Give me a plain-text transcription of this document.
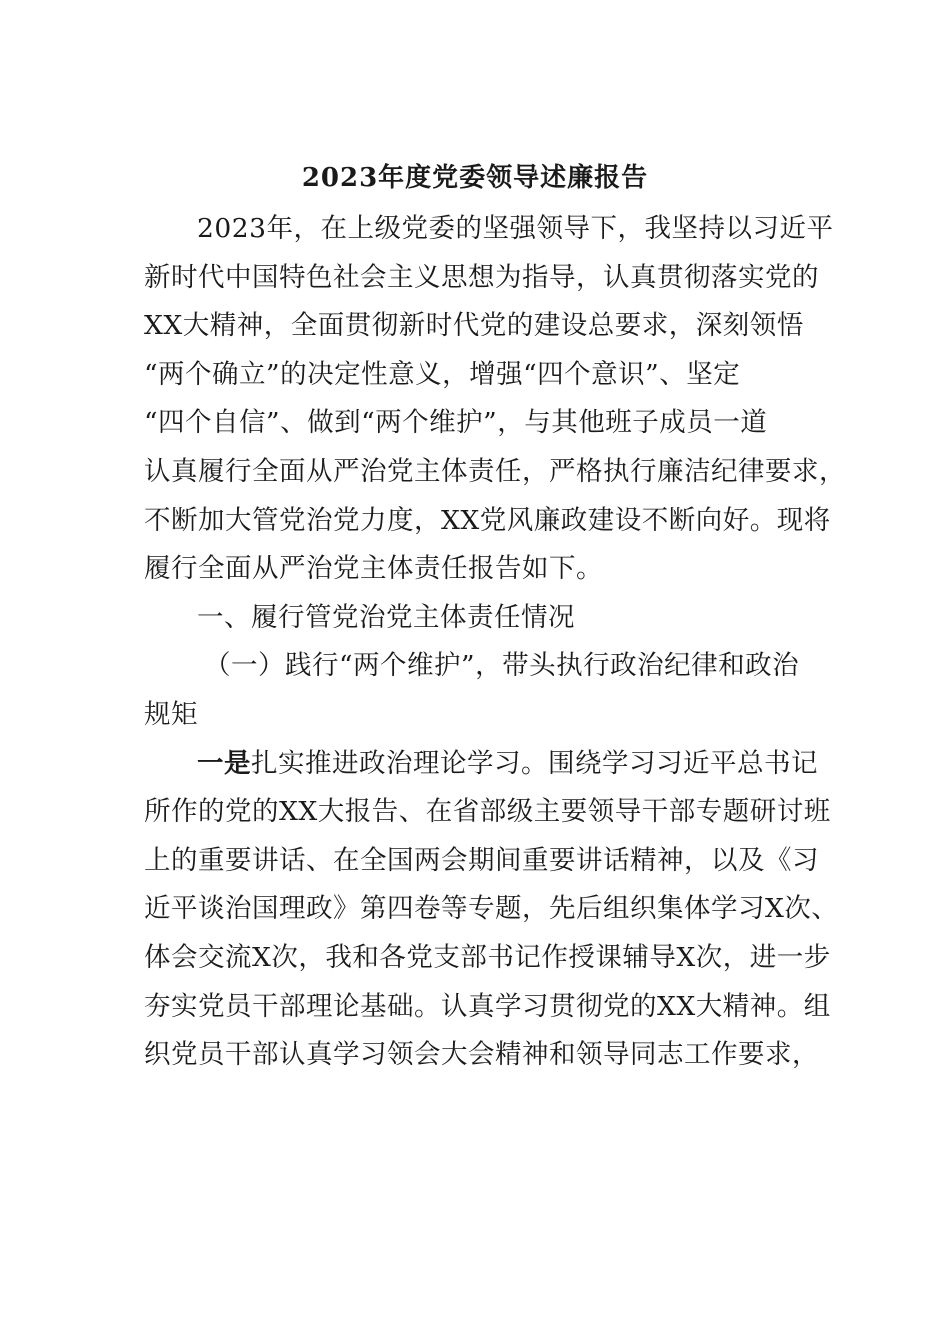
2023年度党委领导述廉报告
2023年，在上级党委的坚强领导下，我坚持以习近平
新时代中国特色社会主义思想为指导，认真贯彻落实党的
XX大精神，全面贯彻新时代党的建设总要求，深刻领悟
“两个确立”的决定性意义，增强“四个意识”、坚定
“四个自信”、做到“两个维护”，与其他班子成员一道
认真履行全面从严治党主体责任，严格执行廉洁纪律要求，
不断加大管党治党力度，XX党风廉政建设不断向好。现将
履行全面从严治党主体责任报告如下。
一、履行管党治党主体责任情况
（一）践行“两个维护”，带头执行政治纪律和政治
规矩
一是扎实推进政治理论学习。围绕学习习近平总书记
所作的党的XX大报告、在省部级主要领导干部专题研讨班
上的重要讲话、在全国两会期间重要讲话精神，以及《习
近平谈治国理政》第四卷等专题，先后组织集体学习X次、
体会交流X次，我和各党支部书记作授课辅导X次，进一步
夯实党员干部理论基础。认真学习贯彻党的XX大精神。组
织党员干部认真学习领会大会精神和领导同志工作要求，
